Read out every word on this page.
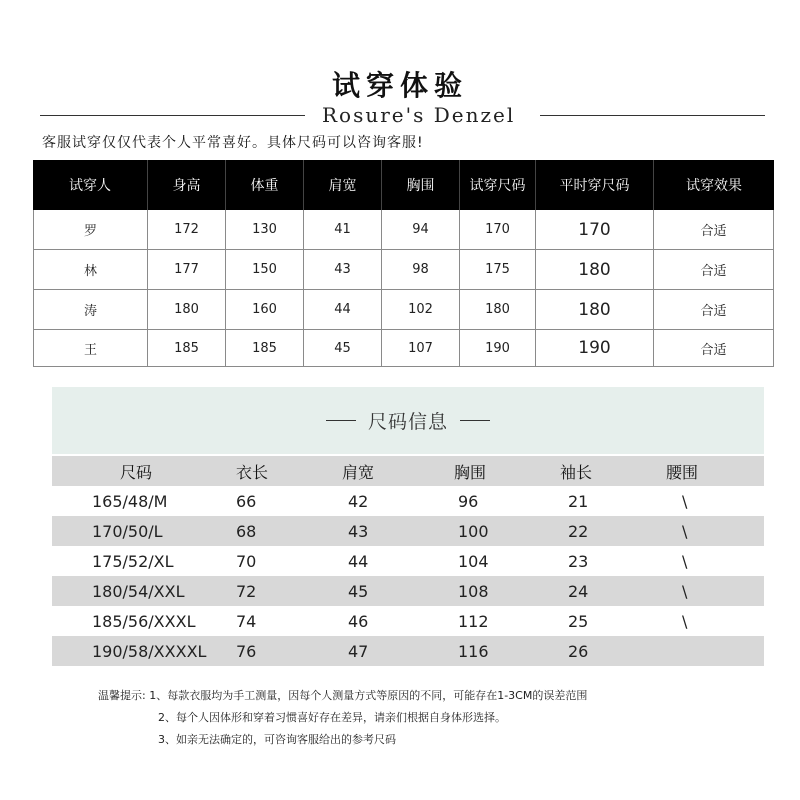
试穿体验
Rosure's Denzel
客服试穿仅仅代表个人平常喜好。具体尺码可以咨询客服!
试穿人	身高	体重	肩宽	胸围	试穿尺码	平时穿尺码	试穿效果
罗	172	130	41	94	170	170	合适
林	177	150	43	98	175	180	合适
涛	180	160	44	102	180	180	合适
王	185	185	45	107	190	190	合适
尺码信息
尺码	衣长	肩宽	胸围	袖长	腰围
165/48/M	66	42	96	21	\
170/50/L	68	43	100	22	\
175/52/XL	70	44	104	23	\
180/54/XXL	72	45	108	24	\
185/56/XXXL	74	46	112	25	\
190/58/XXXXL	76	47	116	26
温馨提示: 1、每款衣服均为手工测量，因每个人测量方式等原因的不同，可能存在1-3CM的误差范围
2、每个人因体形和穿着习惯喜好存在差异，请亲们根据自身体形选择。
3、如亲无法确定的，可咨询客服给出的参考尺码
